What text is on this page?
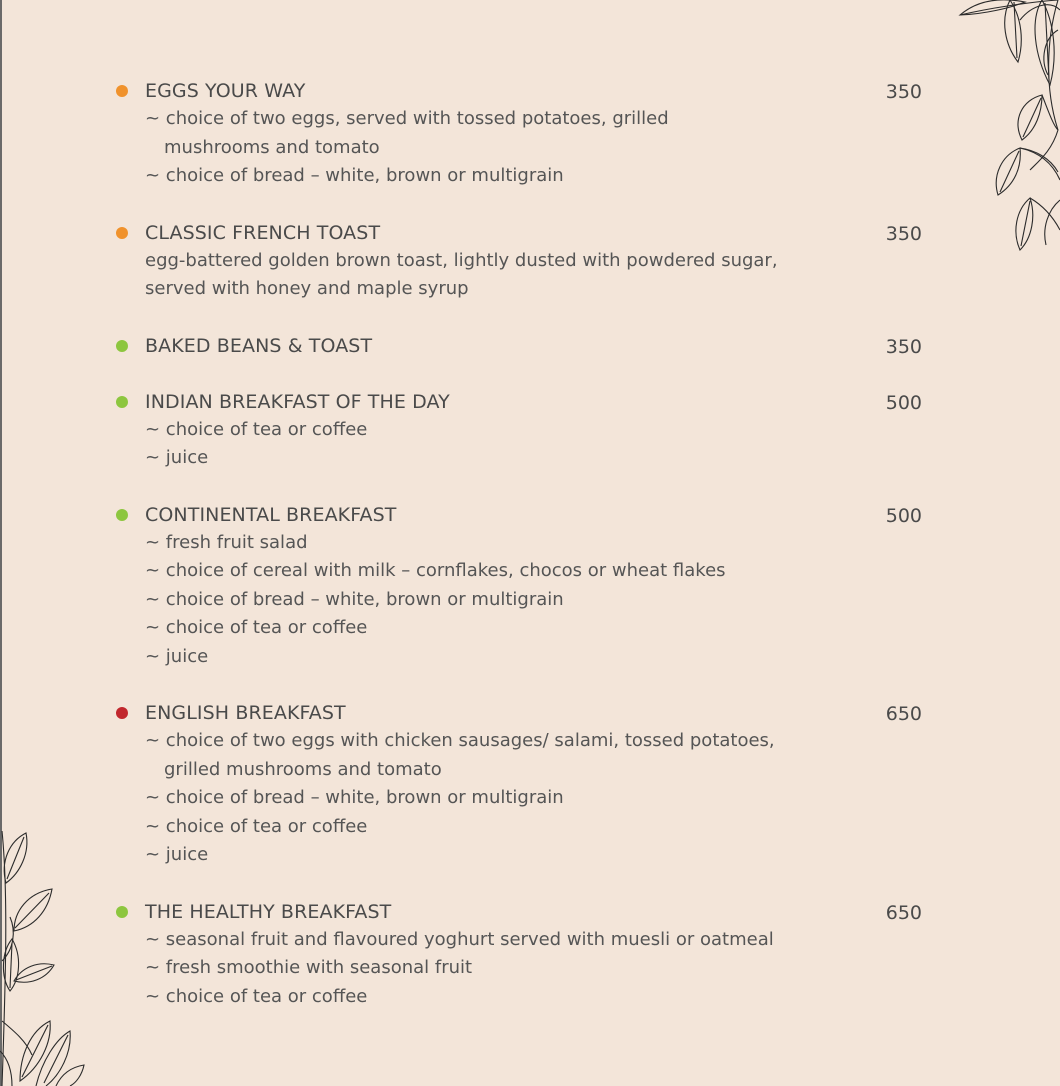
EGGS YOUR WAY	350
~ choice of two eggs, served with tossed potatoes, grilled
mushrooms and tomato
~ choice of bread – white, brown or multigrain
CLASSIC FRENCH TOAST	350
egg-battered golden brown toast, lightly dusted with powdered sugar,
served with honey and maple syrup
BAKED BEANS & TOAST	350
INDIAN BREAKFAST OF THE DAY	500
~ choice of tea or coffee
~ juice
CONTINENTAL BREAKFAST	500
~ fresh fruit salad
~ choice of cereal with milk – cornflakes, chocos or wheat flakes
~ choice of bread – white, brown or multigrain
~ choice of tea or coffee
~ juice
ENGLISH BREAKFAST	650
~ choice of two eggs with chicken sausages/ salami, tossed potatoes,
grilled mushrooms and tomato
~ choice of bread – white, brown or multigrain
~ choice of tea or coffee
~ juice
THE HEALTHY BREAKFAST	650
~ seasonal fruit and flavoured yoghurt served with muesli or oatmeal
~ fresh smoothie with seasonal fruit
~ choice of tea or coffee
